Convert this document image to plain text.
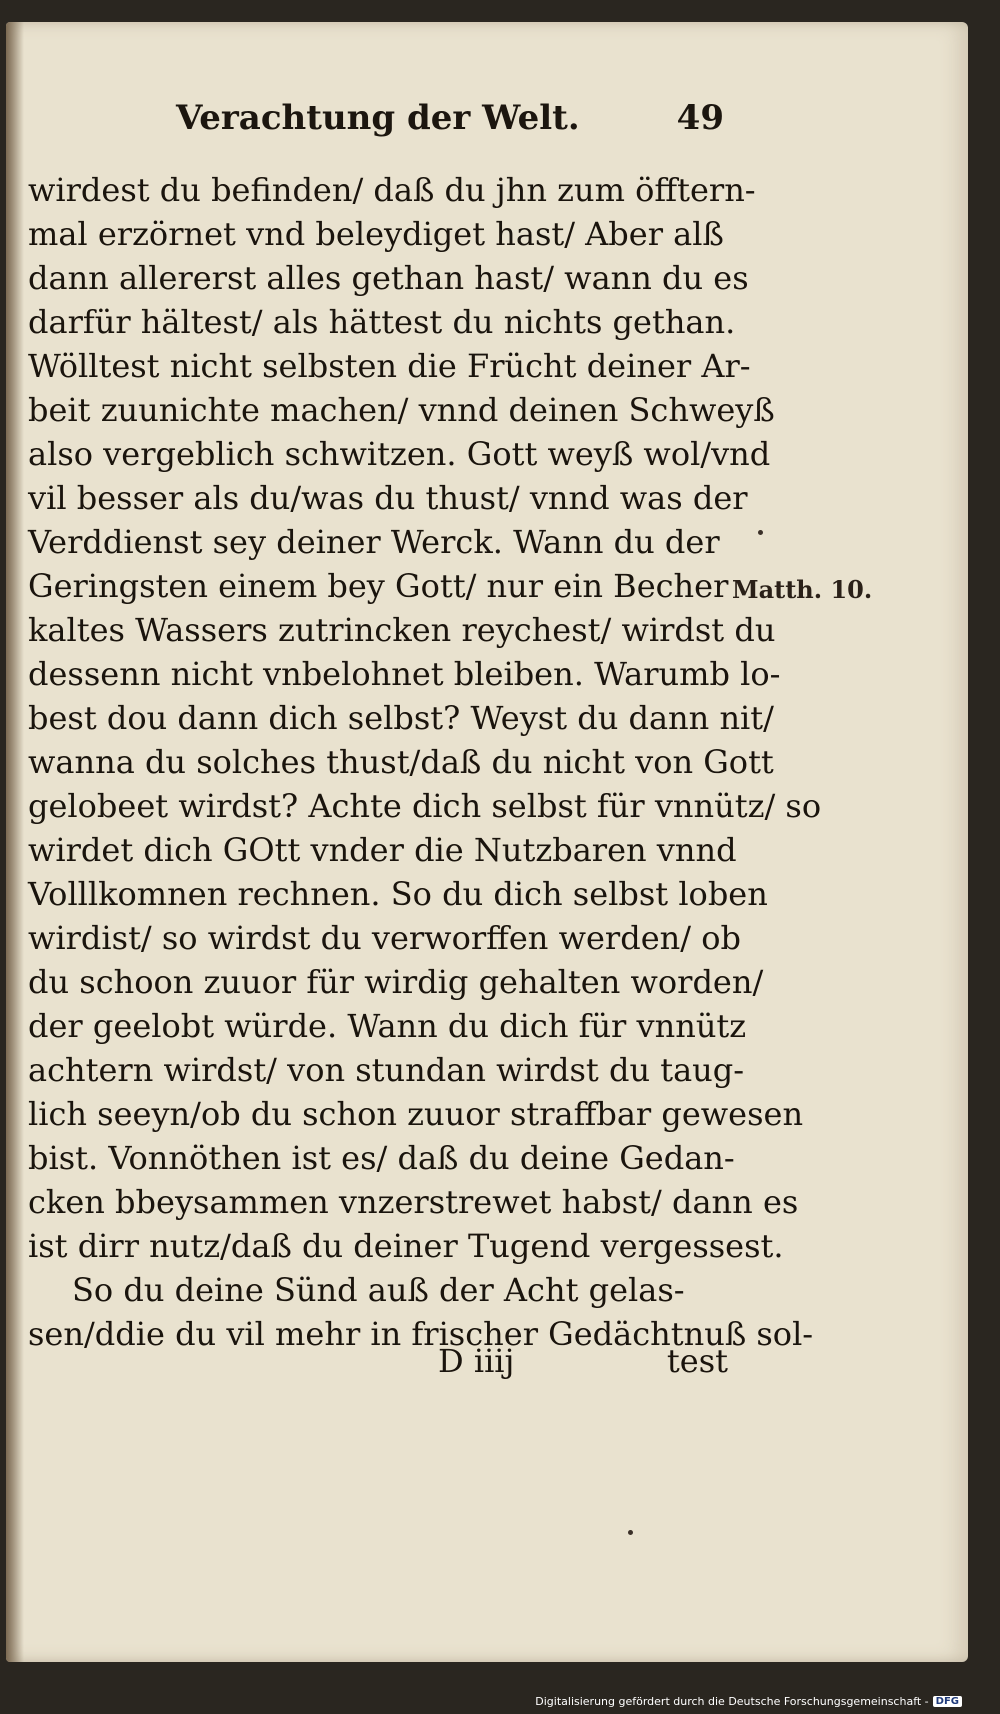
Verachtung der Welt.	49
wirdest du befinden/ daß du jhn zum öfftern-
mal erzörnet vnd beleydiget hast/ Aber alß
dann allererst alles gethan hast/ wann du es
darfür hältest/ als hättest du nichts gethan.
Wölltest nicht selbsten die Frücht deiner Ar-
beit zuunichte machen/ vnnd deinen Schweyß
also vergeblich schwitzen. Gott weyß wol/vnd
vil besser als du/was du thust/ vnnd was der
Verddienst sey deiner Werck. Wann du der
Geringsten einem bey Gott/ nur ein Becher
kaltes Wassers zutrincken reychest/ wirdst du
dessenn nicht vnbelohnet bleiben. Warumb lo-
best dou dann dich selbst? Weyst du dann nit/
wanna du solches thust/daß du nicht von Gott
gelobeet wirdst? Achte dich selbst für vnnütz/ so
wirdet dich GOtt vnder die Nutzbaren vnnd
Volllkomnen rechnen. So du dich selbst loben
wirdist/ so wirdst du verworffen werden/ ob
du schoon zuuor für wirdig gehalten worden/
der geelobt würde. Wann du dich für vnnütz
achtern wirdst/ von stundan wirdst du taug-
lich seeyn/ob du schon zuuor straffbar gewesen
bist. Vonnöthen ist es/ daß du deine Gedan-
cken bbeysammen vnzerstrewet habst/ dann es
ist dirr nutz/daß du deiner Tugend vergessest.
So du deine Sünd auß der Acht gelas-
sen/ddie du vil mehr in frischer Gedächtnuß sol-
Matth. 10.
D iiij	test
Digitalisierung gefördert durch die Deutsche Forschungsgemeinschaft - DFG
